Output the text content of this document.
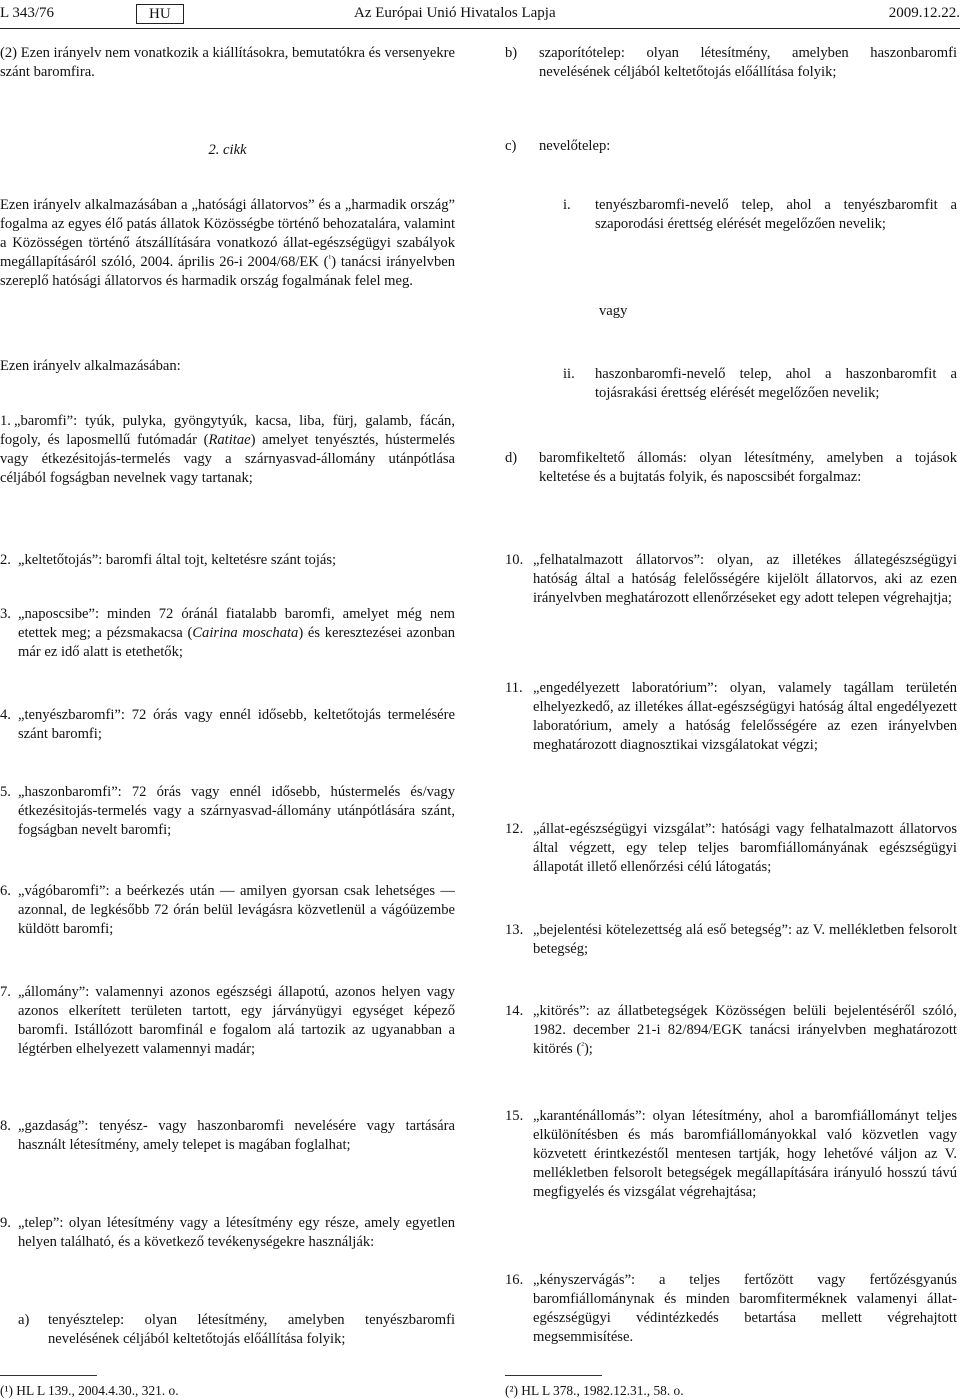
L 343/76	HU	Az Európai Unió Hivatalos Lapja	2009.12.22.
(2) Ezen irányelv nem vonatkozik a kiállításokra, bemutatókra és versenyekre szánt baromfira.
2. cikk
Ezen irányelv alkalmazásában a „hatósági állatorvos” és a „harmadik ország” fogalma az egyes élő patás állatok Közösségbe történő behozatalára, valamint a Közösségen történő átszállítására vonatkozó állat-egészségügyi szabályok megállapításáról szóló, 2004. április 26-i 2004/68/EK ($^{^1}$) tanácsi irányelvben szereplő hatósági állatorvos és harmadik ország fogalmának felel meg.
Ezen irányelv alkalmazásában:
1. „baromfi”: tyúk, pulyka, gyöngytyúk, kacsa, liba, fürj, galamb, fácán, fogoly, és laposmellű futómadár (Ratitae) amelyet tenyésztés, hústermelés vagy étkezésitojás-termelés vagy a szárnyasvad-állomány utánpótlása céljából fogságban nevelnek vagy tartanak;
2. „keltetőtojás”: baromfi által tojt, keltetésre szánt tojás;
3. „naposcsibe”: minden 72 óránál fiatalabb baromfi, amelyet még nem etettek meg; a pézsmakacsa (Cairina moschata) és keresztezései azonban már ez idő alatt is etethetők;
4. „tenyészbaromfi”: 72 órás vagy ennél idősebb, keltetőtojás termelésére szánt baromfi;
5. „haszonbaromfi”: 72 órás vagy ennél idősebb, hústermelés és/vagy étkezésitojás-termelés vagy a szárnyasvad-állomány utánpótlására szánt, fogságban nevelt baromfi;
6. „vágóbaromfi”: a beérkezés után — amilyen gyorsan csak lehetséges — azonnal, de legkésőbb 72 órán belül levágásra közvetlenül a vágóüzembe küldött baromfi;
7. „állomány”: valamennyi azonos egészségi állapotú, azonos helyen vagy azonos elkerített területen tartott, egy járványügyi egységet képező baromfi. Istállózott baromfinál e fogalom alá tartozik az ugyanabban a légtérben elhelyezett valamennyi madár;
8. „gazdaság”: tenyész- vagy haszonbaromfi nevelésére vagy tartására használt létesítmény, amely telepet is magában foglalhat;
9. „telep”: olyan létesítmény vagy a létesítmény egy része, amely egyetlen helyen található, és a következő tevékenységekre használják:
a) tenyésztelep: olyan létesítmény, amelyben tenyészbaromfi nevelésének céljából keltetőtojás előállítása folyik;
(¹) HL L 139., 2004.4.30., 321. o.
b) szaporítótelep: olyan létesítmény, amelyben haszonbaromfi nevelésének céljából keltetőtojás előállítása folyik;
c) nevelőtelep:
i. tenyészbaromfi-nevelő telep, ahol a tenyészbaromfit a szaporodási érettség elérését megelőzően nevelik;
vagy
ii. haszonbaromfi-nevelő telep, ahol a haszonbaromfit a tojásrakási érettség elérését megelőzően nevelik;
d) baromfikeltető állomás: olyan létesítmény, amelyben a tojások keltetése és a bujtatás folyik, és naposcsibét forgalmaz:
10. „felhatalmazott állatorvos”: olyan, az illetékes állategészségügyi hatóság által a hatóság felelősségére kijelölt állatorvos, aki az ezen irányelvben meghatározott ellenőrzéseket egy adott telepen végrehajtja;
11. „engedélyezett laboratórium”: olyan, valamely tagállam területén elhelyezkedő, az illetékes állat-egészségügyi hatóság által engedélyezett laboratórium, amely a hatóság felelősségére az ezen irányelvben meghatározott diagnosztikai vizsgálatokat végzi;
12. „állat-egészségügyi vizsgálat”: hatósági vagy felhatalmazott állatorvos által végzett, egy telep teljes baromfiállományának egészségügyi állapotát illető ellenőrzési célú látogatás;
13. „bejelentési kötelezettség alá eső betegség”: az V. mellékletben felsorolt betegség;
14. „kitörés”: az állatbetegségek Közösségen belüli bejelentéséről szóló, 1982. december 21-i 82/894/EGK tanácsi irányelvben meghatározott kitörés ($^{^2}$);
15. „karanténállomás”: olyan létesítmény, ahol a baromfiállományt teljes elkülönítésben és más baromfiállományokkal való közvetlen vagy közvetett érintkezéstől mentesen tartják, hogy lehetővé váljon az V. mellékletben felsorolt betegségek megállapítására irányuló hosszú távú megfigyelés és vizsgálat végrehajtása;
16. „kényszervágás”: a teljes fertőzött vagy fertőzésgyanús baromfiállománynak és minden baromfiterméknek valamenyi állat-egészségügyi védintézkedés betartása mellett végrehajtott megsemmisítése.
(²) HL L 378., 1982.12.31., 58. o.
